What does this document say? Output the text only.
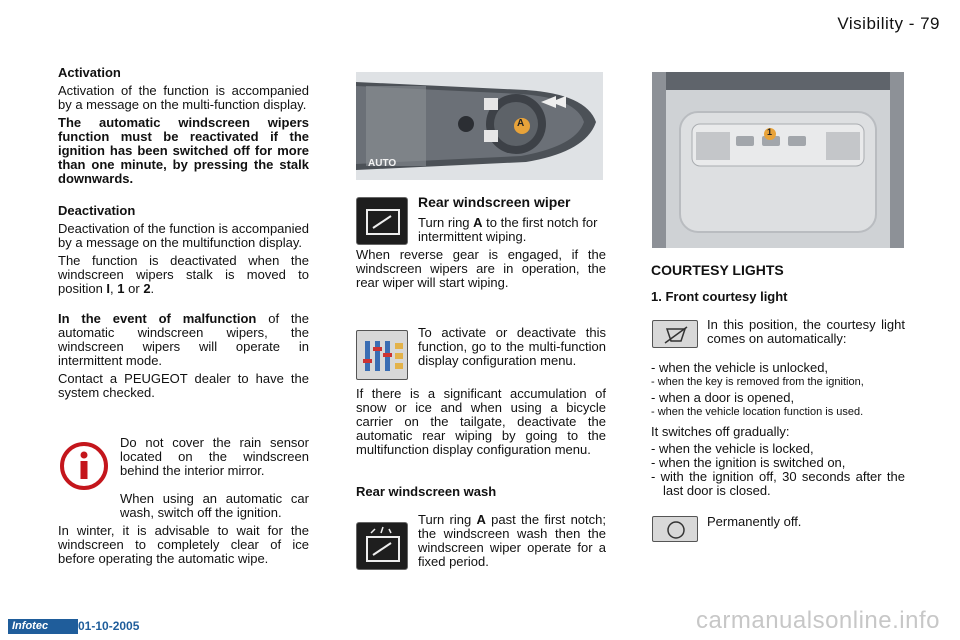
Visibility - 79

Activation

Activation of the function is accompanied by a message on the multi-function display.

The automatic windscreen wipers function must be reactivated if the ignition has been switched off for more than one minute, by pressing the stalk downwards.

Deactivation

Deactivation of the function is accompanied by a message on the multifunction display.

The function is deactivated when the windscreen wipers stalk is moved to position I, 1 or 2.

In the event of malfunction of the automatic windscreen wipers, the windscreen wipers will operate in intermittent mode.

Contact a PEUGEOT dealer to have the system checked.

Do not cover the rain sensor located on the windscreen behind the interior mirror.

When using an automatic car wash, switch off the ignition.

In winter, it is advisable to wait for the windscreen to completely clear of ice before operating the automatic wipe.

A
AUTO
Rear windscreen wiper

Turn ring A to the first notch for intermittent wiping.

When reverse gear is engaged, if the windscreen wipers are in operation, the rear wiper will start wiping.

To activate or deactivate this function, go to the multi-function display configuration menu.
If there is a significant accumulation of snow or ice and when using a bicycle carrier on the tailgate, deactivate the automatic rear wiping by going to the multifunction display configuration menu.
Rear windscreen wash
Turn ring A past the first notch; the windscreen wash then the windscreen wiper operate for a fixed period.
1
COURTESY LIGHTS
1. Front courtesy light
In this position, the courtesy light comes on automatically:
- when the vehicle is unlocked,
- when the key is removed from the ignition,
- when a door is opened,
- when the vehicle location function is used.
It switches off gradually:
- when the vehicle is locked,
- when the ignition is switched on,
- with the ignition off, 30 seconds after the last door is closed.
Permanently off.
Infotec	01-10-2005	carmanualsonline.info
